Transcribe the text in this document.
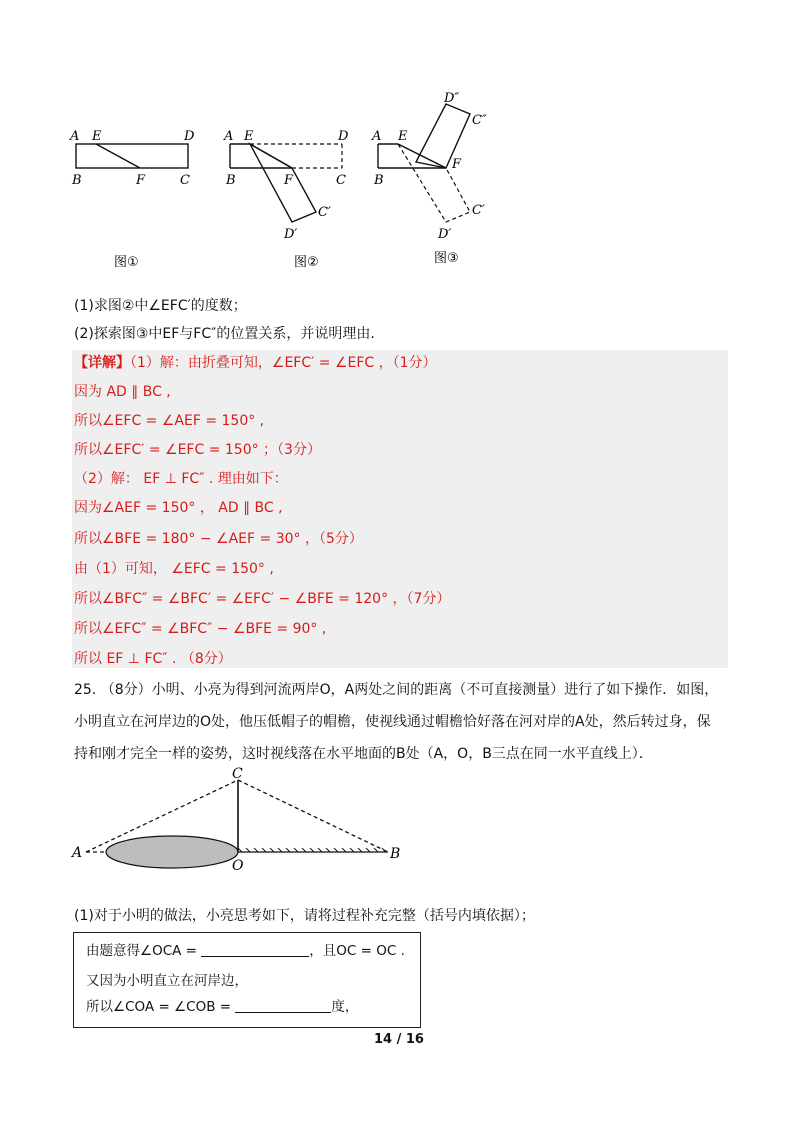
A E	D
B	F	C
图①
A E	D
B	F	C
C′
D′
图②
A E
D″
C″
F
B
C′
D′
图③
(1)求图②中∠EFC′的度数；
(2)探索图③中EF与FC″的位置关系，并说明理由.
【详解】（1）解：由折叠可知，∠EFC′ = ∠EFC ，（1分）
因为 AD ∥ BC ,
所以∠EFC = ∠AEF = 150° ,
所以∠EFC′ = ∠EFC = 150° ；（3分）
（2）解： EF ⊥ FC″ . 理由如下：
因为∠AEF = 150° ， AD ∥ BC ,
所以∠BFE = 180° − ∠AEF = 30° ，（5分）
由（1）可知， ∠EFC = 150° ,
所以∠BFC″ = ∠BFC′ = ∠EFC′ − ∠BFE = 120° ，（7分）
所以∠EFC″ = ∠BFC″ − ∠BFE = 90° ,
所以 EF ⊥ FC″ . （8分）
25. （8分）小明、小亮为得到河流两岸O，A两处之间的距离（不可直接测量）进行了如下操作．如图，
小明直立在河岸边的O处，他压低帽子的帽檐，使视线通过帽檐恰好落在河对岸的A处，然后转过身，保
持和刚才完全一样的姿势，这时视线落在水平地面的B处（A，O，B三点在同一水平直线上）．
C
A
O
B
(1)对于小明的做法，小亮思考如下，请将过程补充完整（括号内填依据）；
由题意得∠OCA =	，且OC = OC .
又因为小明直立在河岸边，
所以∠COA = ∠COB =	度，
14 / 16
